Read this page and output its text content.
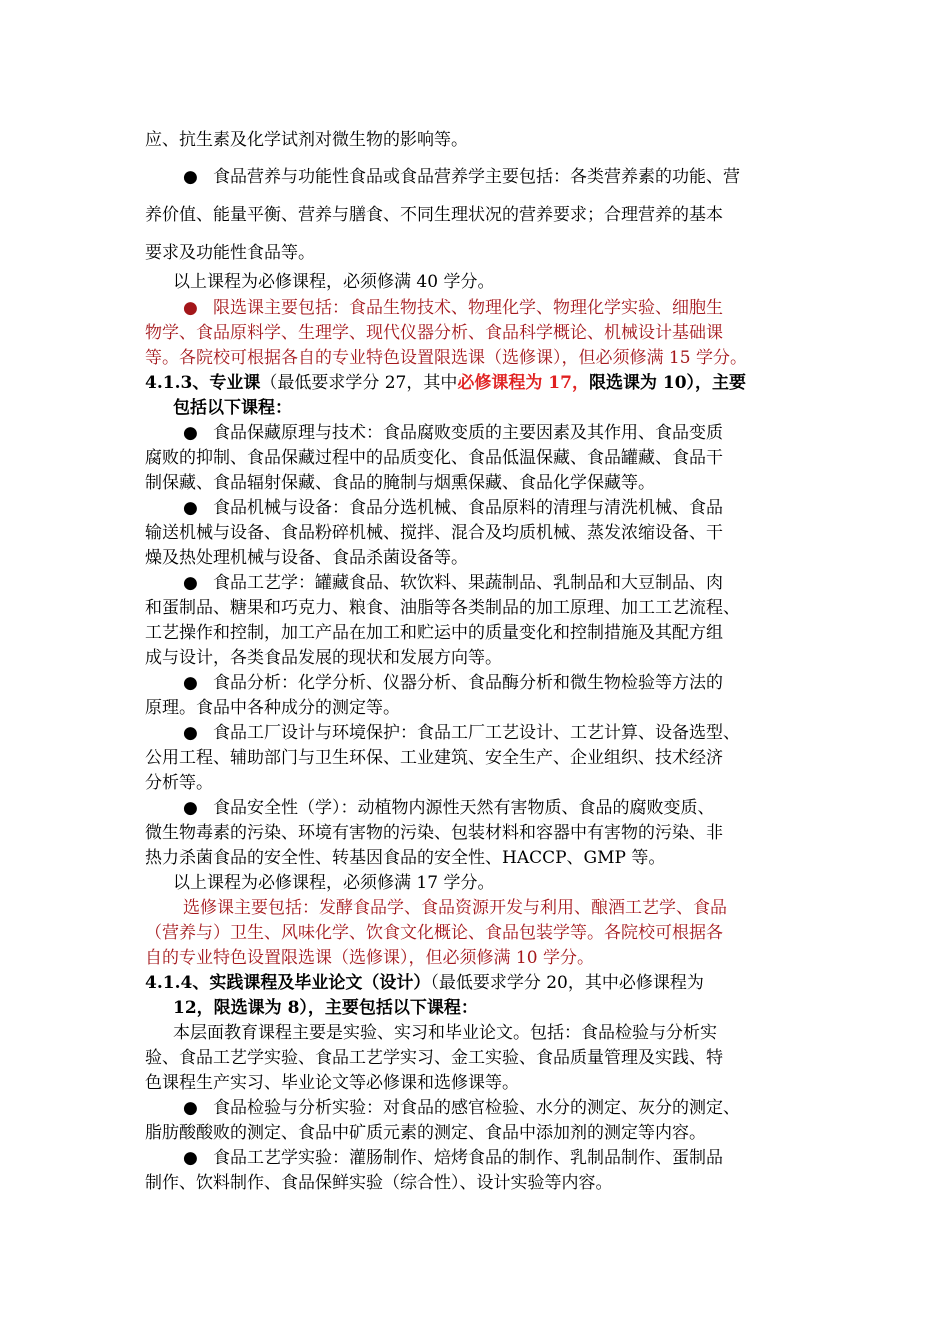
应、抗生素及化学试剂对微生物的影响等。
● 食品营养与功能性食品或食品营养学主要包括：各类营养素的功能、营
养价值、能量平衡、营养与膳食、不同生理状况的营养要求；合理营养的基本
要求及功能性食品等。
以上课程为必修课程，必须修满 40 学分。
● 限选课主要包括：食品生物技术、物理化学、物理化学实验、细胞生
物学、食品原料学、生理学、现代仪器分析、食品科学概论、机械设计基础课
等。各院校可根据各自的专业特色设置限选课（选修课），但必须修满 15 学分。
4.1.3、专业课（最低要求学分 27，其中必修课程为 17，限选课为 10），主要
包括以下课程：
● 食品保藏原理与技术：食品腐败变质的主要因素及其作用、食品变质
腐败的抑制、食品保藏过程中的品质变化、食品低温保藏、食品罐藏、食品干
制保藏、食品辐射保藏、食品的腌制与烟熏保藏、食品化学保藏等。
● 食品机械与设备：食品分选机械、食品原料的清理与清洗机械、食品
输送机械与设备、食品粉碎机械、搅拌、混合及均质机械、蒸发浓缩设备、干
燥及热处理机械与设备、食品杀菌设备等。
● 食品工艺学：罐藏食品、软饮料、果蔬制品、乳制品和大豆制品、肉
和蛋制品、糖果和巧克力、粮食、油脂等各类制品的加工原理、加工工艺流程、
工艺操作和控制，加工产品在加工和贮运中的质量变化和控制措施及其配方组
成与设计，各类食品发展的现状和发展方向等。
● 食品分析：化学分析、仪器分析、食品酶分析和微生物检验等方法的
原理。食品中各种成分的测定等。
● 食品工厂设计与环境保护：食品工厂工艺设计、工艺计算、设备选型、
公用工程、辅助部门与卫生环保、工业建筑、安全生产、企业组织、技术经济
分析等。
● 食品安全性（学）：动植物内源性天然有害物质、食品的腐败变质、
微生物毒素的污染、环境有害物的污染、包装材料和容器中有害物的污染、非
热力杀菌食品的安全性、转基因食品的安全性、HACCP、GMP 等。
以上课程为必修课程，必须修满 17 学分。
选修课主要包括：发酵食品学、食品资源开发与利用、酿酒工艺学、食品
（营养与）卫生、风味化学、饮食文化概论、食品包装学等。各院校可根据各
自的专业特色设置限选课（选修课），但必须修满 10 学分。
4.1.4、实践课程及毕业论文（设计）（最低要求学分 20，其中必修课程为
12，限选课为 8），主要包括以下课程：
本层面教育课程主要是实验、实习和毕业论文。包括：食品检验与分析实
验、食品工艺学实验、食品工艺学实习、金工实验、食品质量管理及实践、特
色课程生产实习、毕业论文等必修课和选修课等。
● 食品检验与分析实验：对食品的感官检验、水分的测定、灰分的测定、
脂肪酸酸败的测定、食品中矿质元素的测定、食品中添加剂的测定等内容。
● 食品工艺学实验：灌肠制作、焙烤食品的制作、乳制品制作、蛋制品
制作、饮料制作、食品保鲜实验（综合性）、设计实验等内容。
